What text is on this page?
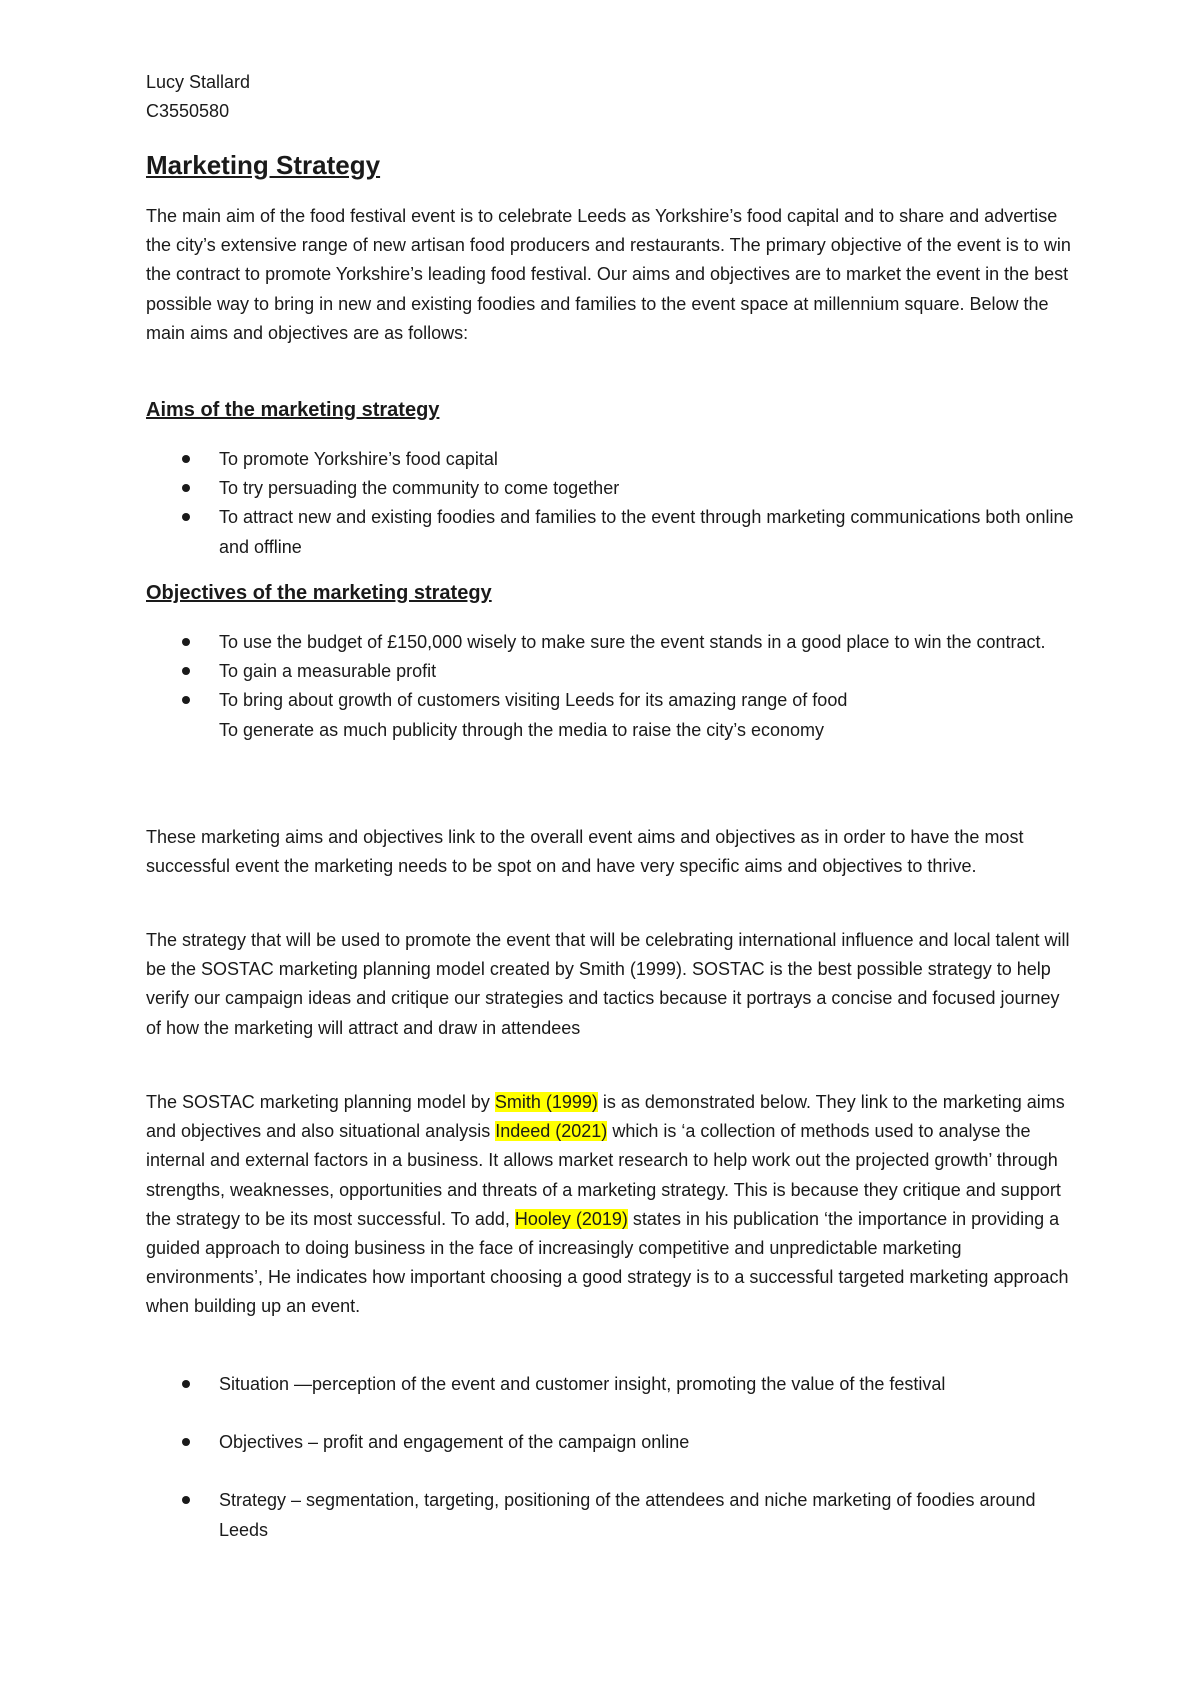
Lucy Stallard

C3550580

Marketing Strategy

The main aim of the food festival event is to celebrate Leeds as Yorkshire’s food capital and to share and advertise the city’s extensive range of new artisan food producers and restaurants. The primary objective of the event is to win the contract to promote Yorkshire’s leading food festival. Our aims and objectives are to market the event in the best possible way to bring in new and existing foodies and families to the event space at millennium square. Below the main aims and objectives are as follows:

Aims of the marketing strategy
To promote Yorkshire’s food capital
To try persuading the community to come together
To attract new and existing foodies and families to the event through marketing communications both online and offline
Objectives of the marketing strategy
To use the budget of £150,000 wisely to make sure the event stands in a good place to win the contract.
To gain a measurable profit
To bring about growth of customers visiting Leeds for its amazing range of food
To generate as much publicity through the media to raise the city’s economy

These marketing aims and objectives link to the overall event aims and objectives as in order to have the most successful event the marketing needs to be spot on and have very specific aims and objectives to thrive.

The strategy that will be used to promote the event that will be celebrating international influence and local talent will be the SOSTAC marketing planning model created by Smith (1999). SOSTAC is the best possible strategy to help verify our campaign ideas and critique our strategies and tactics because it portrays a concise and focused journey of how the marketing will attract and draw in attendees

The SOSTAC marketing planning model by Smith (1999) is as demonstrated below. They link to the marketing aims and objectives and also situational analysis Indeed (2021) which is ‘a collection of methods used to analyse the internal and external factors in a business. It allows market research to help work out the projected growth’ through strengths, weaknesses, opportunities and threats of a marketing strategy. This is because they critique and support the strategy to be its most successful. To add, Hooley (2019) states in his publication ‘the importance in providing a guided approach to doing business in the face of increasingly competitive and unpredictable marketing environments’, He indicates how important choosing a good strategy is to a successful targeted marketing approach when building up an event.

Situation —perception of the event and customer insight, promoting the value of the festival
Objectives – profit and engagement of the campaign online
Strategy – segmentation, targeting, positioning of the attendees and niche marketing of foodies around Leeds
